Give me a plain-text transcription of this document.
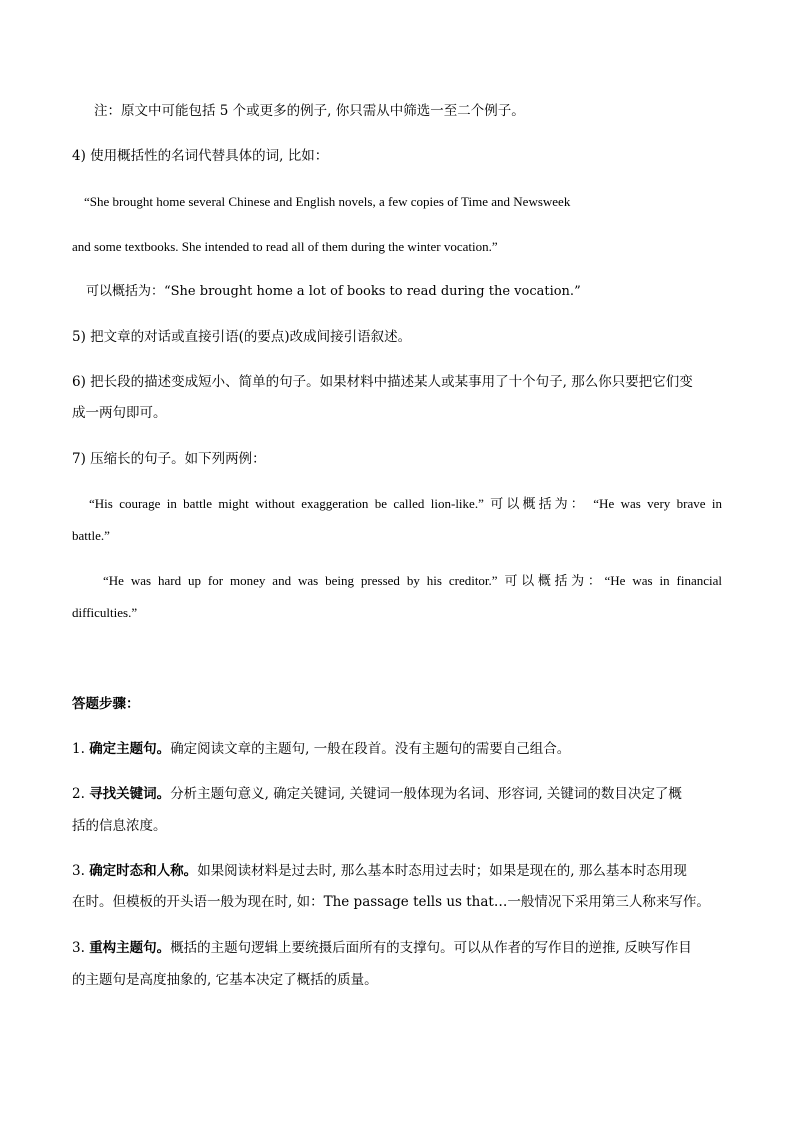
注：原文中可能包括 5 个或更多的例子, 你只需从中筛选一至二个例子。
4) 使用概括性的名词代替具体的词, 比如：
“She brought home several Chinese and English novels, a few copies of Time and Newsweek
and some textbooks. She intended to read all of them during the winter vocation.”
可以概括为：“She brought home a lot of books to read during the vocation.”
5) 把文章的对话或直接引语(的要点)改成间接引语叙述。
6) 把长段的描述变成短小、简单的句子。如果材料中描述某人或某事用了十个句子, 那么你只要把它们变
成一两句即可。
7) 压缩长的句子。如下列两例：
“His courage in battle might without exaggeration be called lion-like.” 可以概括为： “He was very brave in
battle.”
“He was hard up for money and was being pressed by his creditor.” 可以概括为：“He was in financial
difficulties.”
答题步骤：
1. 确定主题句。确定阅读文章的主题句, 一般在段首。没有主题句的需要自己组合。
2. 寻找关键词。分析主题句意义, 确定关键词, 关键词一般体现为名词、形容词, 关键词的数目决定了概
括的信息浓度。
3. 确定时态和人称。如果阅读材料是过去时, 那么基本时态用过去时；如果是现在的, 那么基本时态用现
在时。但模板的开头语一般为现在时, 如：The passage tells us that…一般情况下采用第三人称来写作。
3. 重构主题句。概括的主题句逻辑上要统摄后面所有的支撑句。可以从作者的写作目的逆推, 反映写作目
的主题句是高度抽象的, 它基本决定了概括的质量。
